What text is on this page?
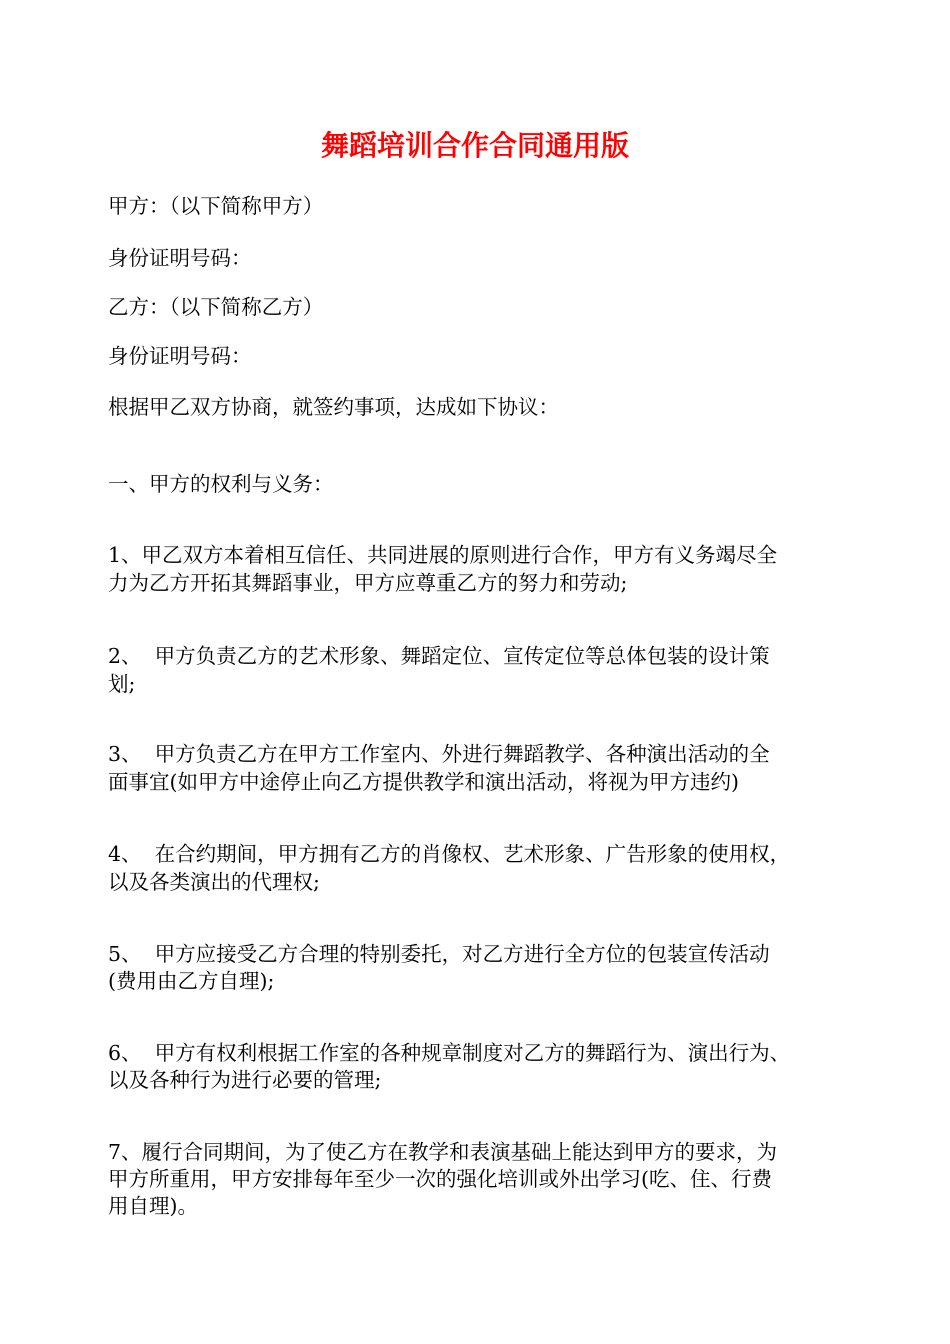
舞蹈培训合作合同通用版
甲方：（以下简称甲方）
身份证明号码：
乙方：（以下简称乙方）
身份证明号码：
根据甲乙双方协商，就签约事项，达成如下协议：
一、甲方的权利与义务：
1、甲乙双方本着相互信任、共同进展的原则进行合作，甲方有义务竭尽全
力为乙方开拓其舞蹈事业，甲方应尊重乙方的努力和劳动;
2、  甲方负责乙方的艺术形象、舞蹈定位、宣传定位等总体包装的设计策
划;
3、  甲方负责乙方在甲方工作室内、外进行舞蹈教学、各种演出活动的全
面事宜(如甲方中途停止向乙方提供教学和演出活动，将视为甲方违约)
4、  在合约期间，甲方拥有乙方的肖像权、艺术形象、广告形象的使用权，
以及各类演出的代理权;
5、  甲方应接受乙方合理的特别委托，对乙方进行全方位的包装宣传活动
(费用由乙方自理);
6、  甲方有权利根据工作室的各种规章制度对乙方的舞蹈行为、演出行为、
以及各种行为进行必要的管理;
7、履行合同期间，为了使乙方在教学和表演基础上能达到甲方的要求，为
甲方所重用，甲方安排每年至少一次的强化培训或外出学习(吃、住、行费
用自理)。
